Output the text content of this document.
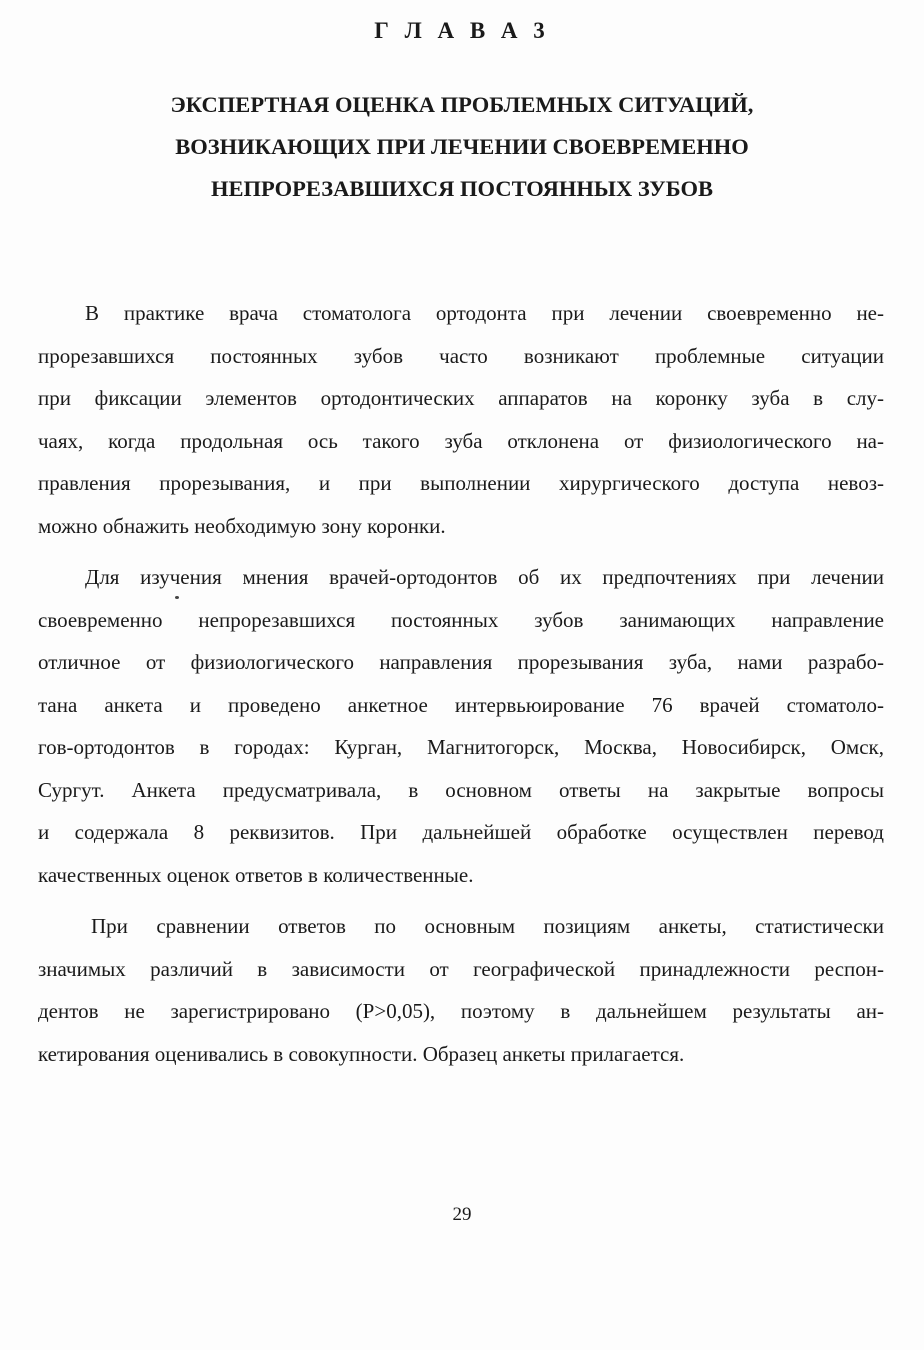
Г Л А В А 3
ЭКСПЕРТНАЯ ОЦЕНКА ПРОБЛЕМНЫХ СИТУАЦИЙ,
ВОЗНИКАЮЩИХ ПРИ ЛЕЧЕНИИ СВОЕВРЕМЕННО
НЕПРОРЕЗАВШИХСЯ ПОСТОЯННЫХ ЗУБОВ
В практике врача стоматолога ортодонта при лечении своевременно не-
прорезавшихся постоянных зубов часто возникают проблемные ситуации
при фиксации элементов ортодонтических аппаратов на коронку зуба в слу-
чаях, когда продольная ось такого зуба отклонена от физиологического на-
правления прорезывания, и при выполнении хирургического доступа невоз-
можно обнажить необходимую зону коронки.
Для изучения мнения врачей-ортодонтов об их предпочтениях при лечении
своевременно непрорезавшихся постоянных зубов занимающих направление
отличное от физиологического направления прорезывания зуба, нами разрабо-
тана анкета и проведено анкетное интервьюирование 76 врачей стоматоло-
гов-ортодонтов в городах: Курган, Магнитогорск, Москва, Новосибирск, Омск,
Сургут. Анкета предусматривала, в основном ответы на закрытые вопросы
и содержала 8 реквизитов. При дальнейшей обработке осуществлен перевод
качественных оценок ответов в количественные.
При сравнении ответов по основным позициям анкеты, статистически
значимых различий в зависимости от географической принадлежности респон-
дентов не зарегистрировано (Р>0,05), поэтому в дальнейшем результаты ан-
кетирования оценивались в совокупности. Образец анкеты прилагается.
29
